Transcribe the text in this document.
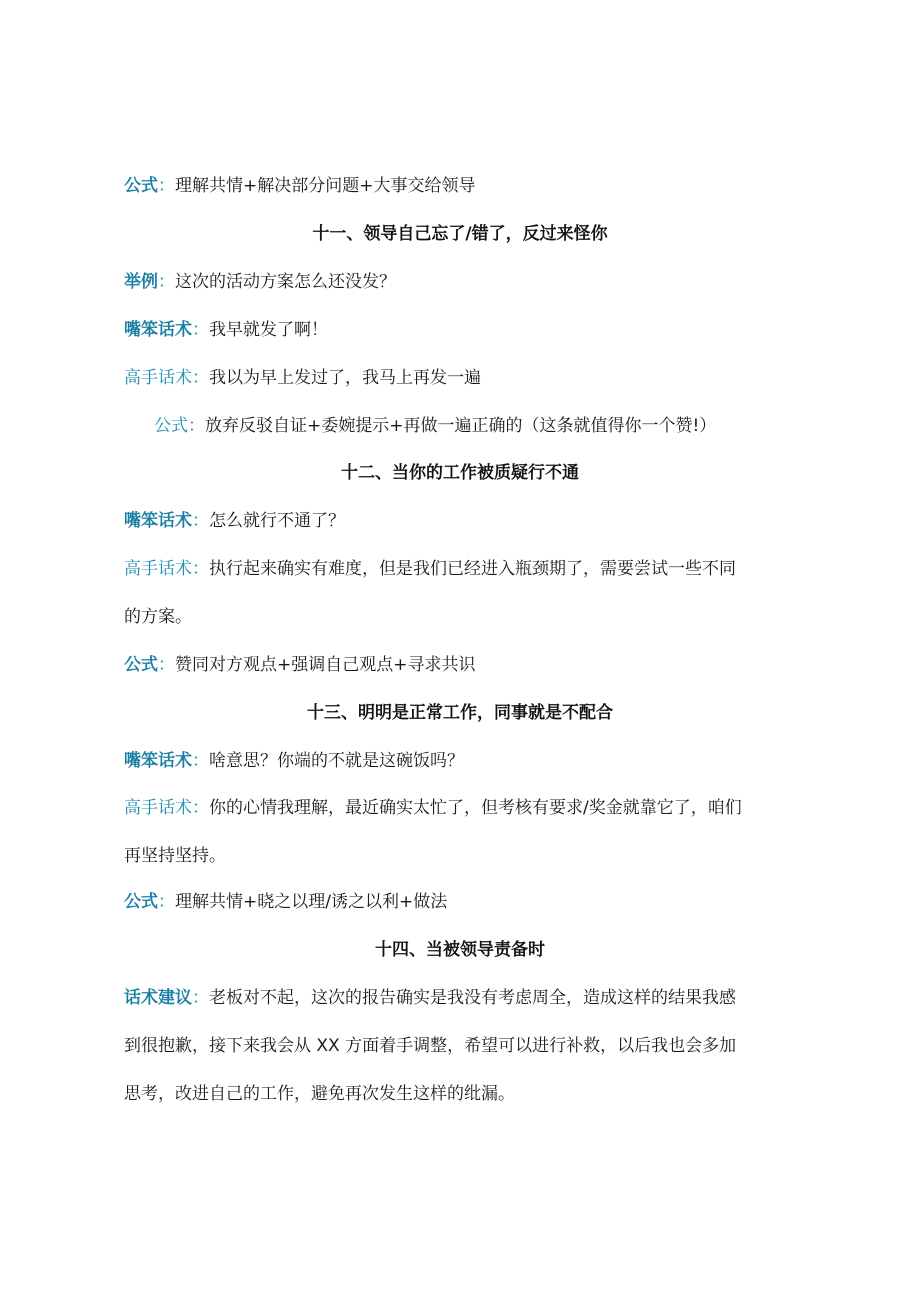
公式：理解共情+解决部分问题+大事交给领导
十一、领导自己忘了/错了，反过来怪你
举例：这次的活动方案怎么还没发？
嘴笨话术：我早就发了啊！
高手话术：我以为早上发过了，我马上再发一遍
公式：放弃反驳自证+委婉提示+再做一遍正确的（这条就值得你一个赞!）
十二、当你的工作被质疑行不通
嘴笨话术：怎么就行不通了？
高手话术：执行起来确实有难度，但是我们已经进入瓶颈期了，需要尝试一些不同
的方案。
公式：赞同对方观点+强调自己观点+寻求共识
十三、明明是正常工作，同事就是不配合
嘴笨话术：啥意思？你端的不就是这碗饭吗？
高手话术：你的心情我理解，最近确实太忙了，但考核有要求/奖金就靠它了，咱们
再坚持坚持。
公式：理解共情+晓之以理/诱之以利+做法
十四、当被领导责备时
话术建议：老板对不起，这次的报告确实是我没有考虑周全，造成这样的结果我感
到很抱歉，接下来我会从 XX 方面着手调整，希望可以进行补救，以后我也会多加
思考，改进自己的工作，避免再次发生这样的纰漏。
